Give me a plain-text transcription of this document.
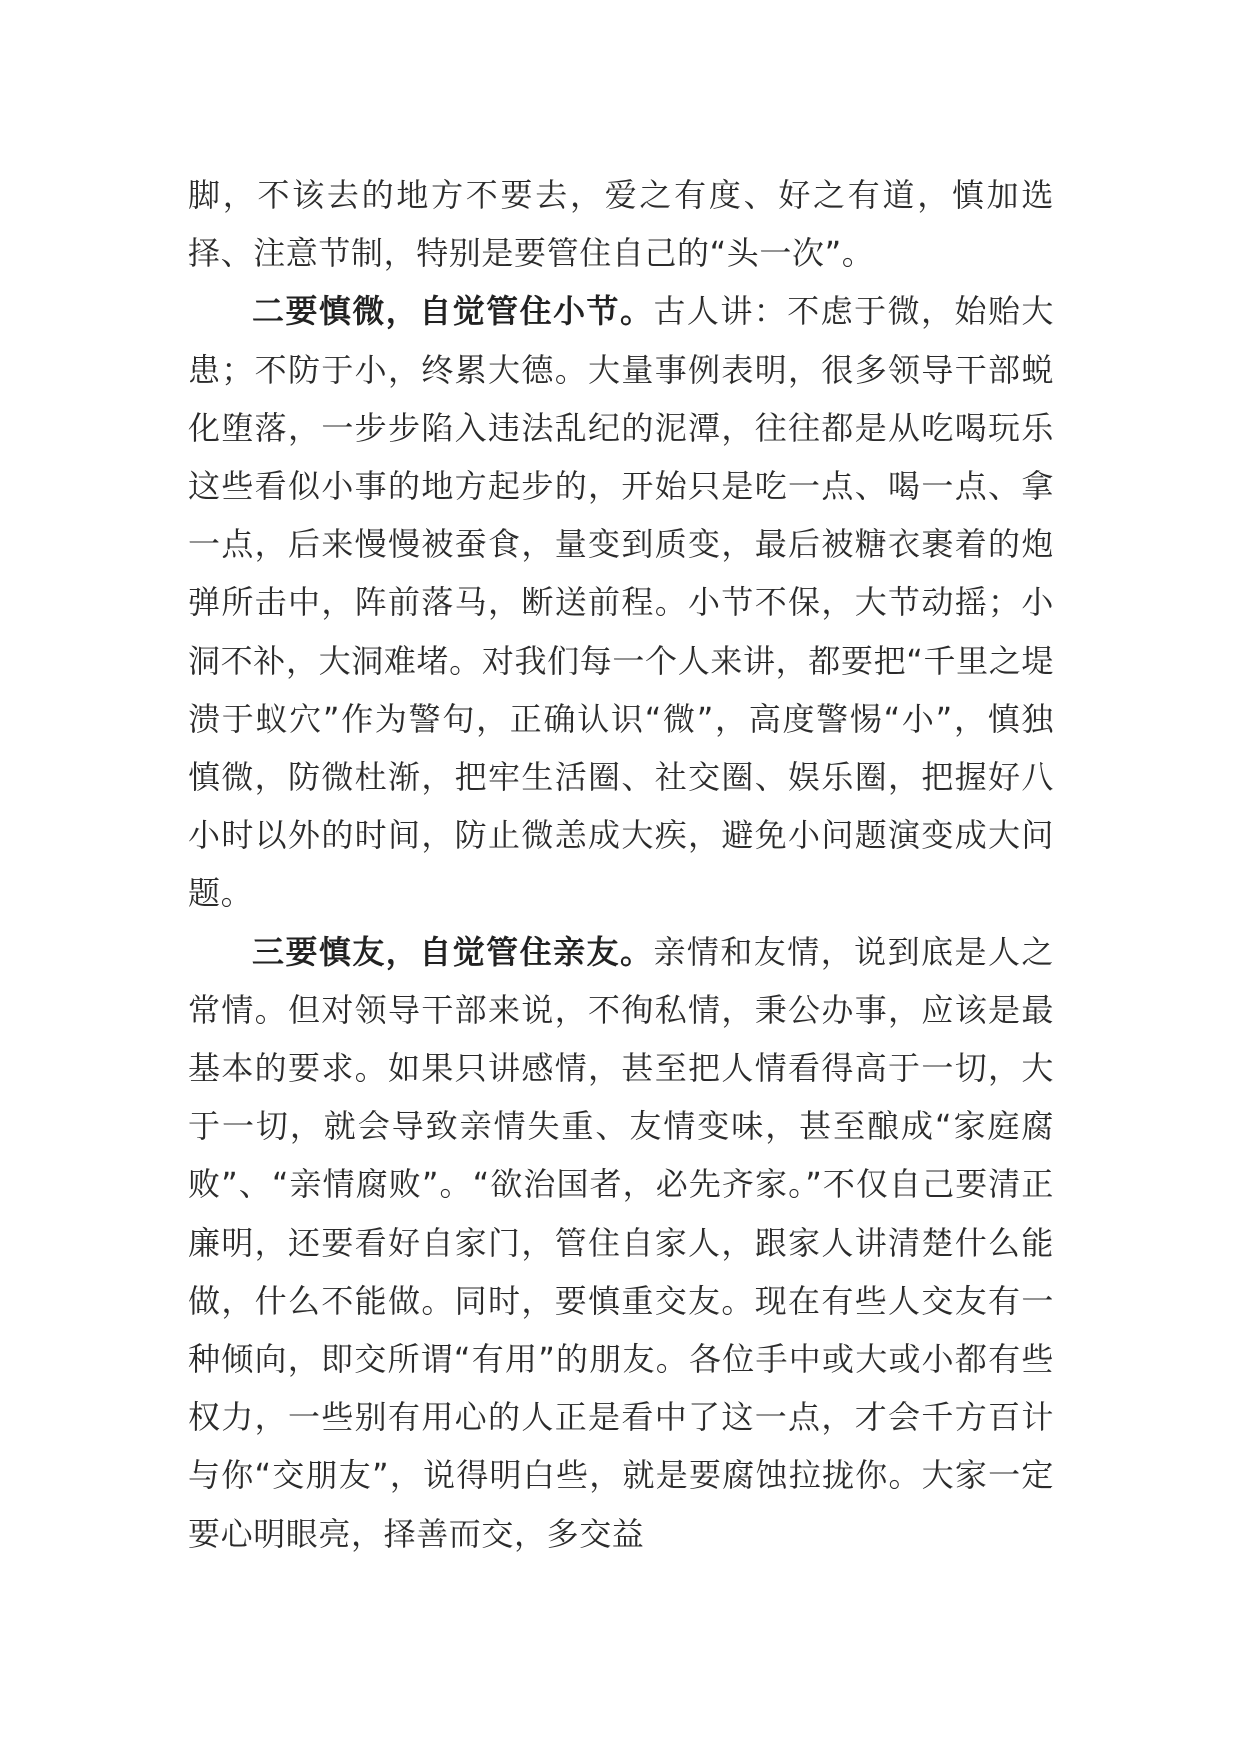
脚，不该去的地方不要去，爱之有度、好之有道，慎加选择、注意节制，特别是要管住自己的“头一次”。

二要慎微，自觉管住小节。古人讲：不虑于微，始贻大患；不防于小，终累大德。大量事例表明，很多领导干部蜕化堕落，一步步陷入违法乱纪的泥潭，往往都是从吃喝玩乐这些看似小事的地方起步的，开始只是吃一点、喝一点、拿一点，后来慢慢被蚕食，量变到质变，最后被糖衣裹着的炮弹所击中，阵前落马，断送前程。小节不保，大节动摇；小洞不补，大洞难堵。对我们每一个人来讲，都要把“千里之堤溃于蚁穴”作为警句，正确认识“微”，高度警惕“小”，慎独慎微，防微杜渐，把牢生活圈、社交圈、娱乐圈，把握好八小时以外的时间，防止微恙成大疾，避免小问题演变成大问题。

三要慎友，自觉管住亲友。亲情和友情，说到底是人之常情。但对领导干部来说，不徇私情，秉公办事，应该是最基本的要求。如果只讲感情，甚至把人情看得高于一切，大于一切，就会导致亲情失重、友情变味，甚至酿成“家庭腐败”、“亲情腐败”。“欲治国者，必先齐家。”不仅自己要清正廉明，还要看好自家门，管住自家人，跟家人讲清楚什么能做，什么不能做。同时，要慎重交友。现在有些人交友有一种倾向，即交所谓“有用”的朋友。各位手中或大或小都有些权力，一些别有用心的人正是看中了这一点，才会千方百计与你“交朋友”，说得明白些，就是要腐蚀拉拢你。大家一定要心明眼亮，择善而交，多交益
